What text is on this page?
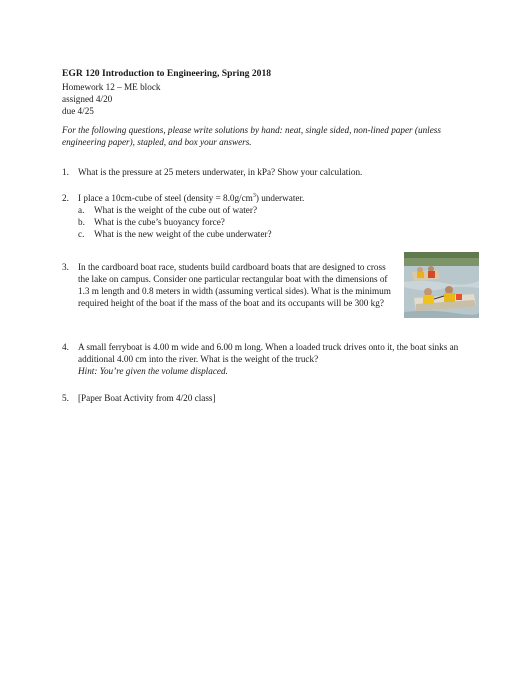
EGR 120 Introduction to Engineering, Spring 2018
Homework 12 – ME block
assigned 4/20
due 4/25
For the following questions, please write solutions by hand: neat, single sided, non-lined paper (unless engineering paper), stapled, and box your answers.
1. What is the pressure at 25 meters underwater, in kPa? Show your calculation.
2. I place a 10cm-cube of steel (density = $8.0g/cm^3$) underwater.
a.	What is the weight of the cube out of water?
b. What is the cube’s buoyancy force?
c.	What is the new weight of the cube underwater?
3. In the cardboard boat race, students build cardboard boats that are designed to cross the lake on campus. Consider one particular rectangular boat with the dimensions of 1.3 m length and 0.8 meters in width (assuming vertical sides). What is the minimum required height of the boat if the mass of the boat and its occupants will be 300 kg?
4. A small ferryboat is 4.00 m wide and 6.00 m long. When a loaded truck drives onto it, the boat sinks an additional 4.00 cm into the river. What is the weight of the truck?
Hint: You’re given the volume displaced.
5. [Paper Boat Activity from 4/20 class]
